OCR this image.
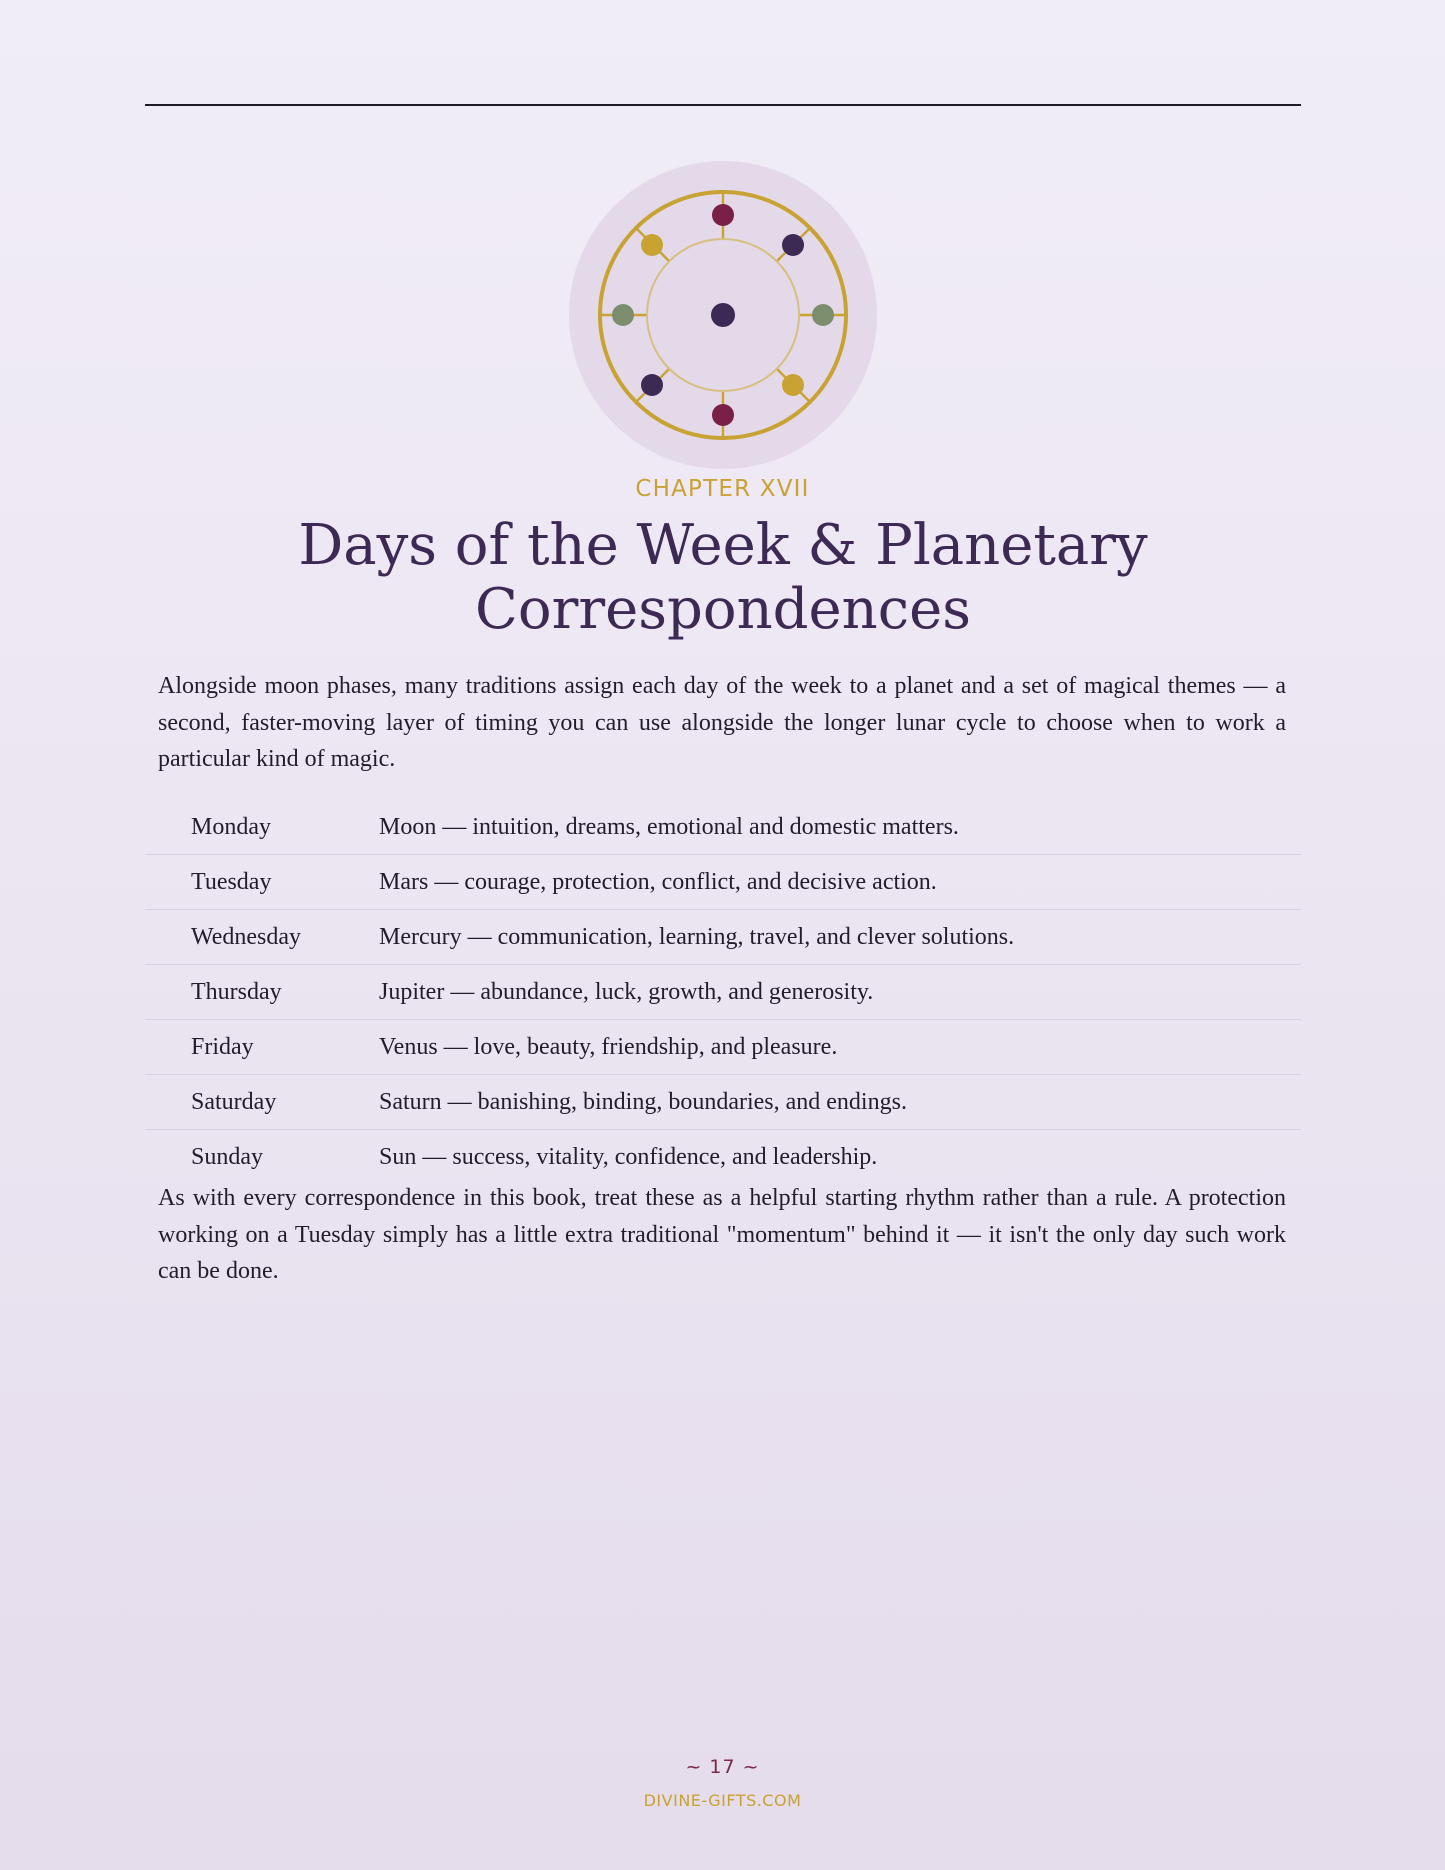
CHAPTER XVII
Days of the Week & Planetary Correspondences

Alongside moon phases, many traditions assign each day of the week to a planet and a set of magical themes — a second, faster-moving layer of timing you can use alongside the longer lunar cycle to choose when to work a particular kind of magic.

Monday	Moon — intuition, dreams, emotional and domestic matters.
Tuesday	Mars — courage, protection, conflict, and decisive action.
Wednesday	Mercury — communication, learning, travel, and clever solutions.
Thursday	Jupiter — abundance, luck, growth, and generosity.
Friday	Venus — love, beauty, friendship, and pleasure.
Saturday	Saturn — banishing, binding, boundaries, and endings.
Sunday	Sun — success, vitality, confidence, and leadership.

As with every correspondence in this book, treat these as a helpful starting rhythm rather than a rule. A protection working on a Tuesday simply has a little extra traditional "momentum" behind it — it isn't the only day such work can be done.

~ 17 ~
DIVINE-GIFTS.COM
